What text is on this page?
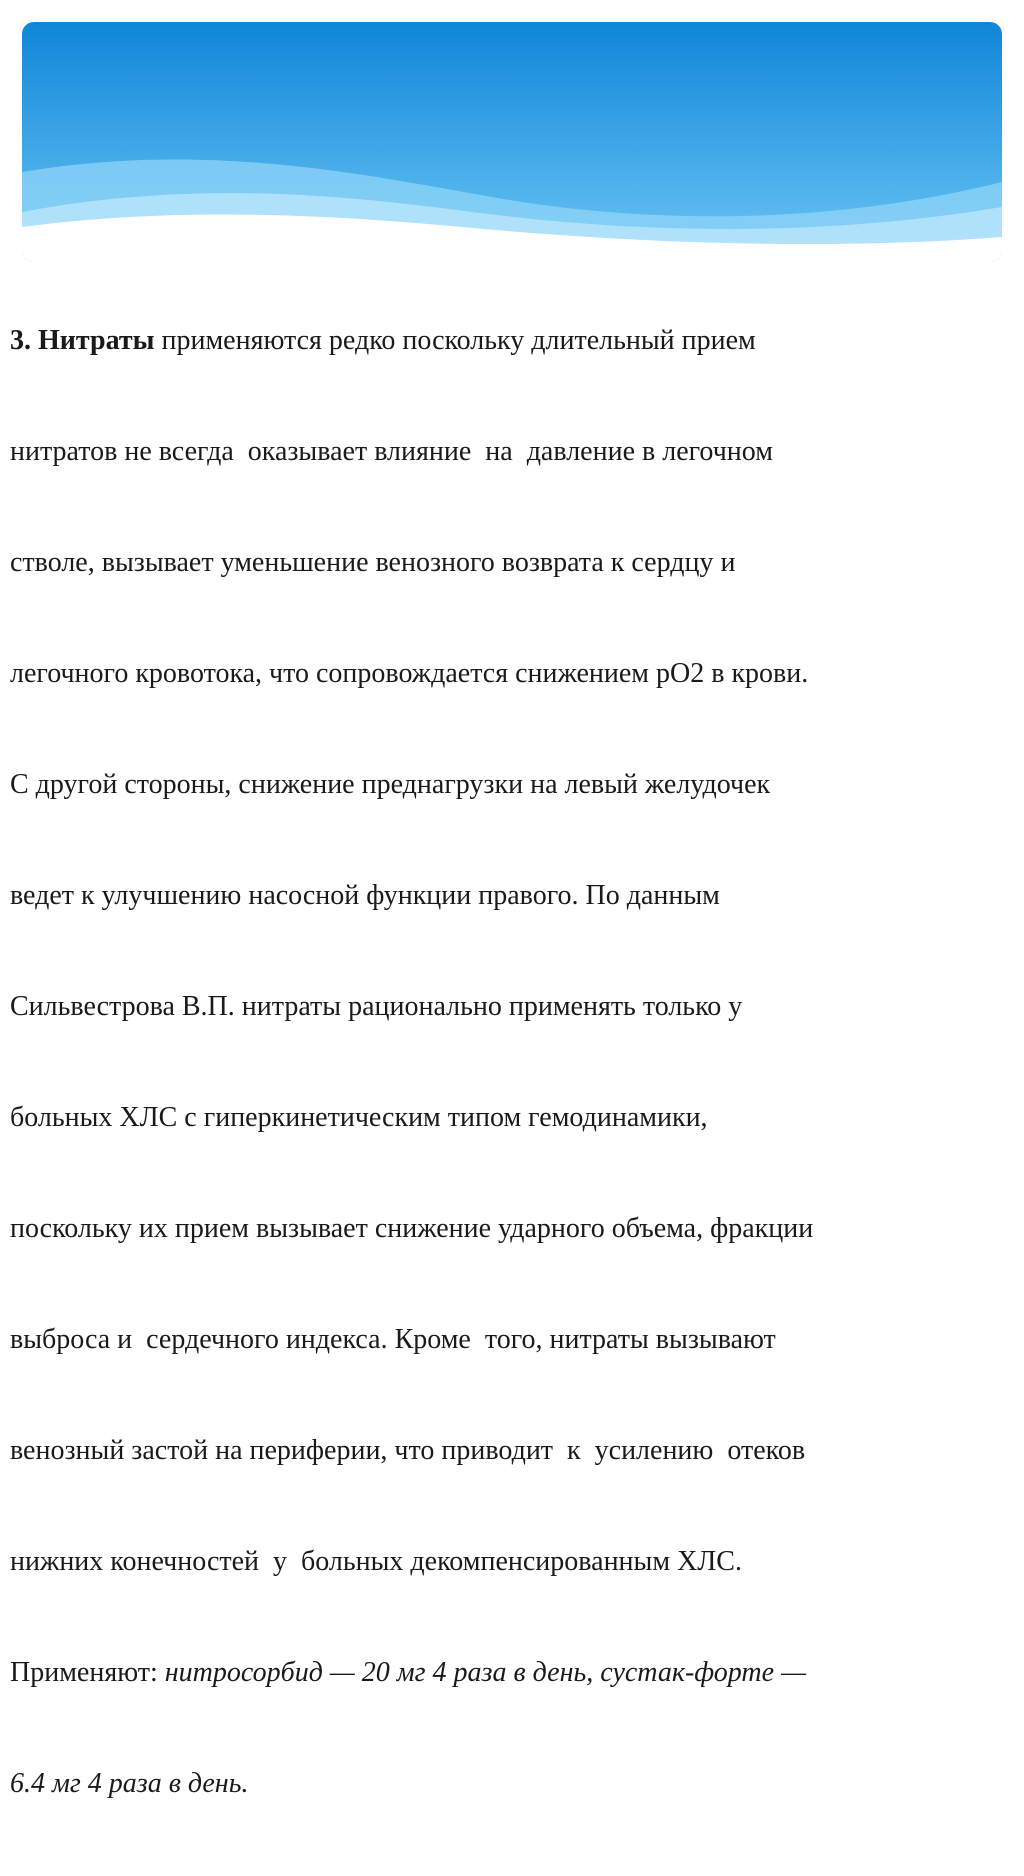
3. Нитраты применяются редко поскольку длительный прием

нитратов не всегда  оказывает влияние  на  давление в легочном

стволе, вызывает уменьшение венозного возврата к сердцу и

легочного кровотока, что сопровождается снижением рО2 в крови.

С другой стороны, снижение преднагрузки на левый желудочек

ведет к улучшению насосной функции правого. По данным

Сильвестрова В.П. нитраты рационально применять только у

больных ХЛС с гиперкинетическим типом гемодинамики,

поскольку их прием вызывает снижение ударного объема, фракции

выброса и  сердечного индекса. Кроме  того, нитраты вызывают

венозный застой на периферии, что приводит  к  усилению  отеков

нижних конечностей  у  больных декомпенсированным ХЛС.

Применяют: нитросорбид — 20 мг 4 раза в день, сустак-форте —

6.4 мг 4 раза в день.
